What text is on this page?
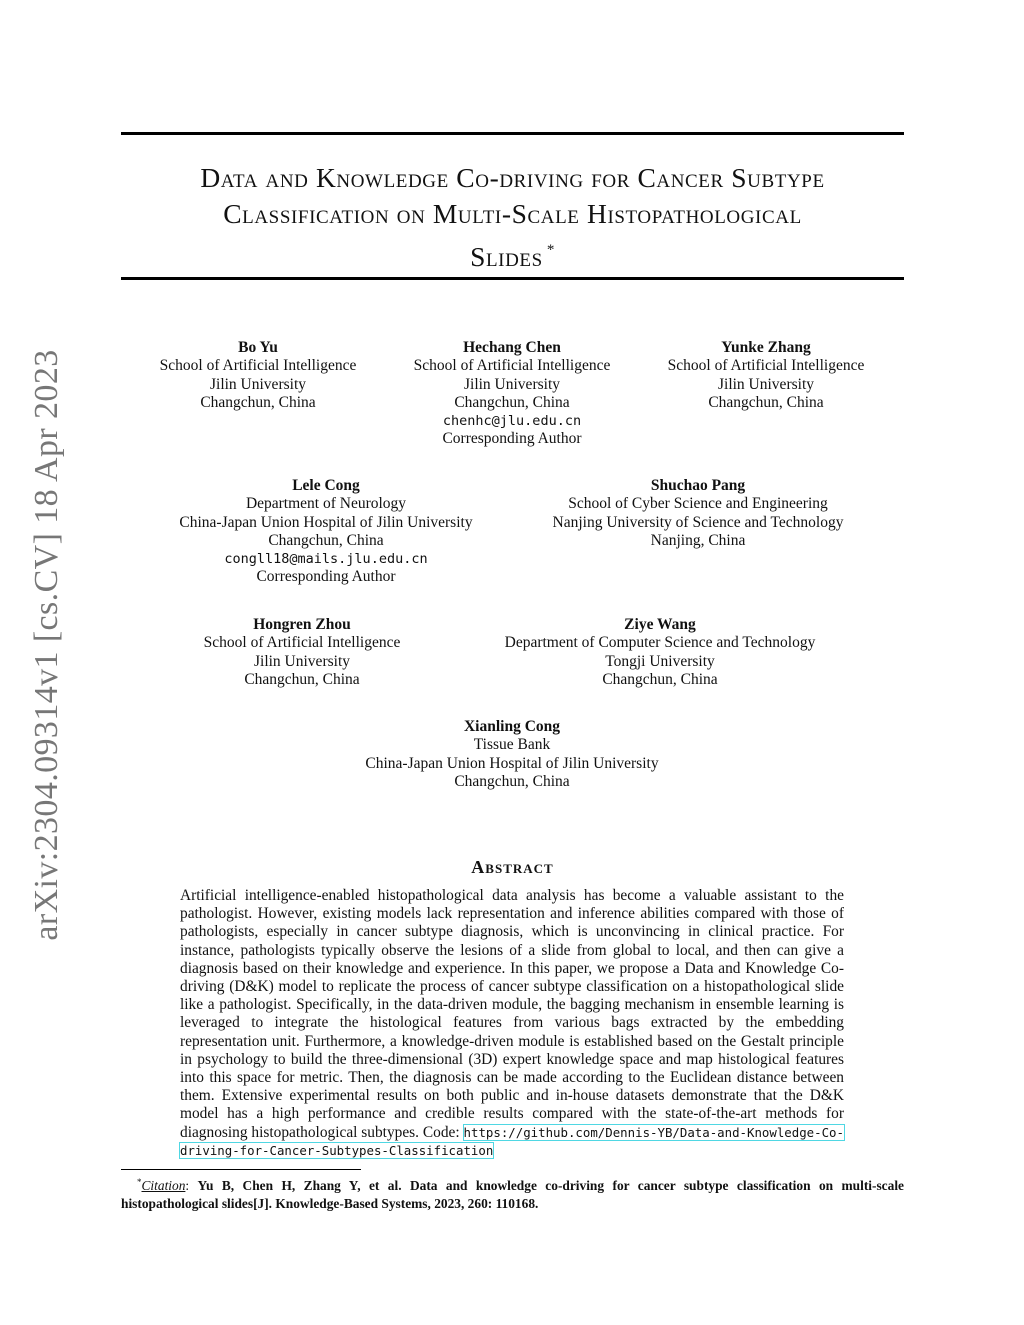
Data and Knowledge Co-driving for Cancer Subtype
Classification on Multi-Scale Histopathological
Slides *
arXiv:2304.09314v1 [cs.CV] 18 Apr 2023
Bo Yu
School of Artificial Intelligence
Jilin University
Changchun, China
Hechang Chen
School of Artificial Intelligence
Jilin University
Changchun, China
chenhc@jlu.edu.cn
Corresponding Author
Yunke Zhang
School of Artificial Intelligence
Jilin University
Changchun, China
Lele Cong
Department of Neurology
China-Japan Union Hospital of Jilin University
Changchun, China
congll18@mails.jlu.edu.cn
Corresponding Author
Shuchao Pang
School of Cyber Science and Engineering
Nanjing University of Science and Technology
Nanjing, China
Hongren Zhou
School of Artificial Intelligence
Jilin University
Changchun, China
Ziye Wang
Department of Computer Science and Technology
Tongji University
Changchun, China
Xianling Cong
Tissue Bank
China-Japan Union Hospital of Jilin University
Changchun, China
Abstract
Artificial intelligence-enabled histopathological data analysis has become a valuable assistant to the pathologist. However, existing models lack representation and inference abilities compared with those of pathologists, especially in cancer subtype diagnosis, which is unconvincing in clinical practice. For instance, pathologists typically observe the lesions of a slide from global to local, and then can give a diagnosis based on their knowledge and experience. In this paper, we propose a Data and Knowledge Co-driving (D&K) model to replicate the process of cancer subtype classification on a histopathological slide like a pathologist. Specifically, in the data-driven module, the bagging mechanism in ensemble learning is leveraged to integrate the histological features from various bags extracted by the embedding representation unit. Furthermore, a knowledge-driven module is established based on the Gestalt principle in psychology to build the three-dimensional (3D) expert knowledge space and map histological features into this space for metric. Then, the diagnosis can be made according to the Euclidean distance between them. Extensive experimental results on both public and in-house datasets demonstrate that the D&K model has a high performance and credible results compared with the state-of-the-art methods for diagnosing histopathological subtypes. Code: https://github.com/Dennis-YB/Data-and-Knowledge-Co-driving-for-Cancer-Subtypes-Classification
*Citation: Yu B, Chen H, Zhang Y, et al. Data and knowledge co-driving for cancer subtype classification on multi-scale histopathological slides[J]. Knowledge-Based Systems, 2023, 260: 110168.
